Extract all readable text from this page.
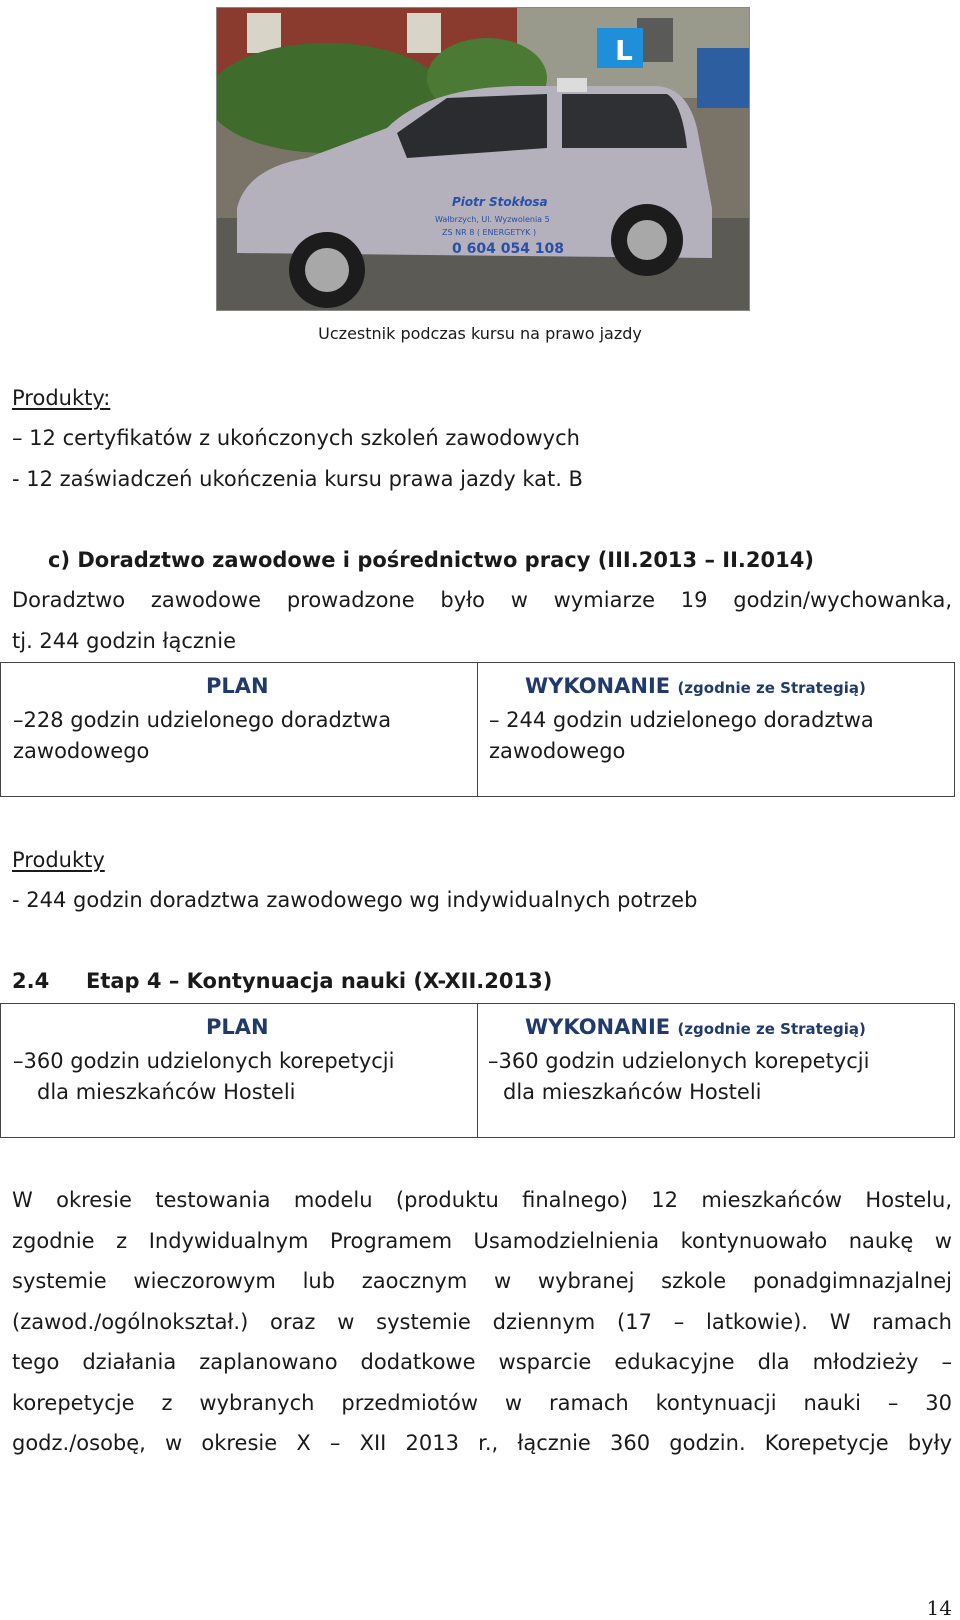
L
Piotr Stokłosa
Wałbrzych, Ul. Wyzwolenia 5
ZS NR 8 ( ENERGETYK )
0 604 054 108
Uczestnik podczas kursu na prawo jazdy
Produkty:
– 12 certyfikatów z ukończonych szkoleń zawodowych
- 12 zaświadczeń ukończenia kursu prawa jazdy kat. B
c) Doradztwo zawodowe i pośrednictwo pracy (III.2013 – II.2014)
Doradztwo zawodowe prowadzone było w wymiarze 19 godzin/wychowanka,
tj. 244 godzin łącznie
PLAN
–228 godzin udzielonego doradztwa
zawodowego
WYKONANIE (zgodnie ze Strategią)
– 244 godzin udzielonego doradztwa
zawodowego
Produkty
- 244 godzin doradztwa zawodowego wg indywidualnych potrzeb
2.4 Etap 4 – Kontynuacja nauki (X-XII.2013)
PLAN
–360 godzin udzielonych korepetycji
dla mieszkańców Hosteli
WYKONANIE (zgodnie ze Strategią)
–360 godzin udzielonych korepetycji
dla mieszkańców Hosteli
W okresie testowania modelu (produktu finalnego) 12 mieszkańców Hostelu,
zgodnie z Indywidualnym Programem Usamodzielnienia kontynuowało naukę w
systemie wieczorowym lub zaocznym w wybranej szkole ponadgimnazjalnej
(zawod./ogólnokształ.) oraz w systemie dziennym (17 – latkowie). W ramach
tego działania zaplanowano dodatkowe wsparcie edukacyjne dla młodzieży –
korepetycje z wybranych przedmiotów w ramach kontynuacji nauki – 30
godz./osobę, w okresie X – XII 2013 r., łącznie 360 godzin. Korepetycje były
14
